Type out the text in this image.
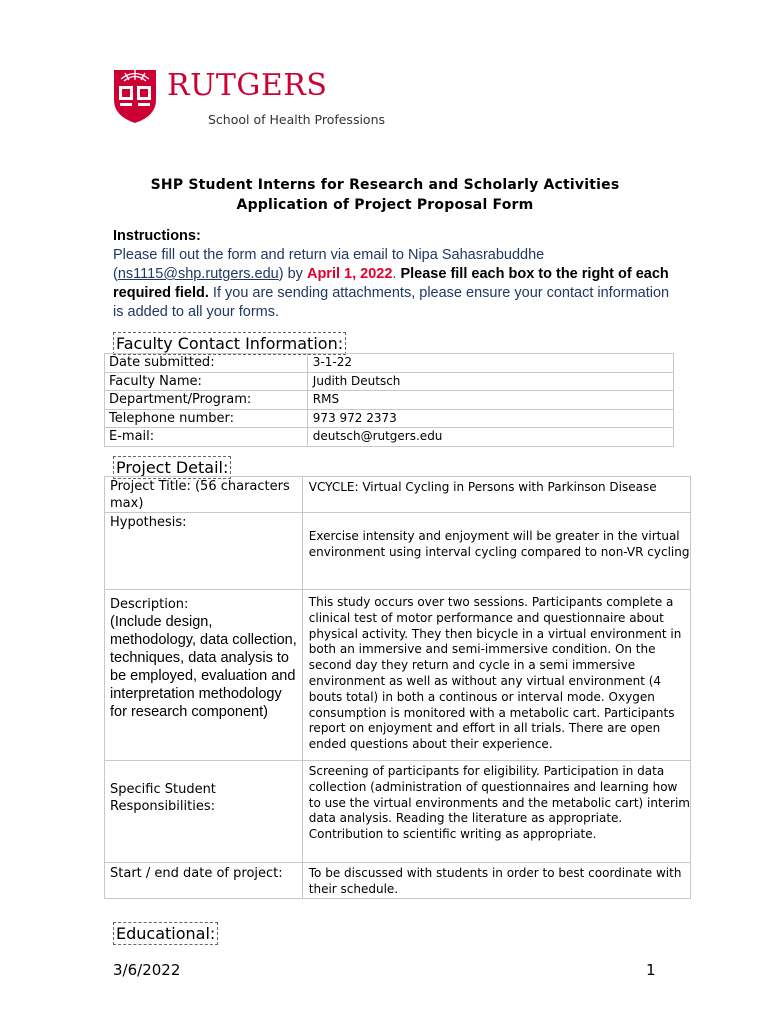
RUTGERS
School of Health Professions
SHP Student Interns for Research and Scholarly Activities
Application of Project Proposal Form
Instructions:
Please fill out the form and return via email to Nipa Sahasrabuddhe
(ns1115@shp.rutgers.edu) by April 1, 2022. Please fill each box to the right of each required field. If you are sending attachments, please ensure your contact information is added to all your forms.
Faculty Contact Information:
Date submitted:	3-1-22
Faculty Name:	Judith Deutsch
Department/Program:	RMS
Telephone number:	973 972 2373
E-mail:	deutsch@rutgers.edu
Project Detail:
Project Title: (56 characters max)	VCYCLE: Virtual Cycling in Persons with Parkinson Disease

Hypothesis:	Exercise intensity and enjoyment will be greater in the virtual environment using interval cycling compared to non-VR cycling

Description:
(Include design, methodology, data collection, techniques, data analysis to be employed, evaluation and interpretation methodology for research component)	This study occurs over two sessions. Participants complete a clinical test of motor performance and questionnaire about physical activity. They then bicycle in a virtual environment in both an immersive and semi-immersive condition. On the second day they return and cycle in a semi immersive environment as well as without any virtual environment (4 bouts total) in both a continous or interval mode. Oxygen consumption is monitored with a metabolic cart. Participants report on enjoyment and effort in all trials. There are open ended questions about their experience.

Specific Student Responsibilities:	Screening of participants for eligibility. Participation in data collection (administration of questionnaires and learning how to use the virtual environments and the metabolic cart) interim data analysis. Reading the literature as appropriate. Contribution to scientific writing as appropriate.

Start / end date of project:	To be discussed with students in order to best coordinate with their schedule.
Educational:
3/6/2022	1
